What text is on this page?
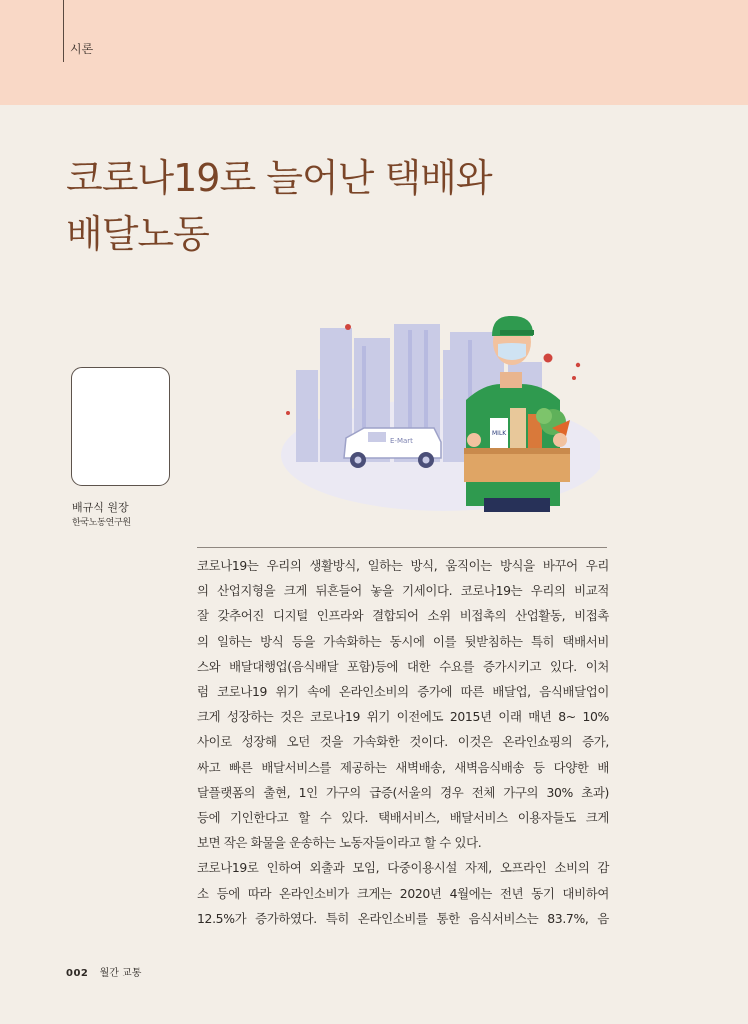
시론
코로나19로 늘어난 택배와
배달노동
배규식 원장
한국노동연구원
E-Mart
MILK

코로나19는 우리의 생활방식, 일하는 방식, 움직이는 방식을 바꾸어 우리

의 산업지형을 크게 뒤흔들어 놓을 기세이다. 코로나19는 우리의 비교적

잘 갖추어진 디지털 인프라와 결합되어 소위 비접촉의 산업활동, 비접촉

의 일하는 방식 등을 가속화하는 동시에 이를 뒷받침하는 특히 택배서비

스와 배달대행업(음식배달 포함)등에 대한 수요를 증가시키고 있다. 이처

럼 코로나19 위기 속에 온라인소비의 증가에 따른 배달업, 음식배달업이

크게 성장하는 것은 코로나19 위기 이전에도 2015년 이래 매년 8~ 10%

사이로 성장해 오던 것을 가속화한 것이다. 이것은 온라인쇼핑의 증가,

싸고 빠른 배달서비스를 제공하는 새벽배송, 새벽음식배송 등 다양한 배

달플랫폼의 출현, 1인 가구의 급증(서울의 경우 전체 가구의 30% 초과)

등에 기인한다고 할 수 있다. 택배서비스, 배달서비스 이용자들도 크게

보면 작은 화물을 운송하는 노동자들이라고 할 수 있다.

코로나19로 인하여 외출과 모임, 다중이용시설 자제, 오프라인 소비의 감

소 등에 따라 온라인소비가 크게는 2020년 4월에는 전년 동기 대비하여

12.5%가 증가하였다. 특히 온라인소비를 통한 음식서비스는 83.7%, 음

002 월간 교통
